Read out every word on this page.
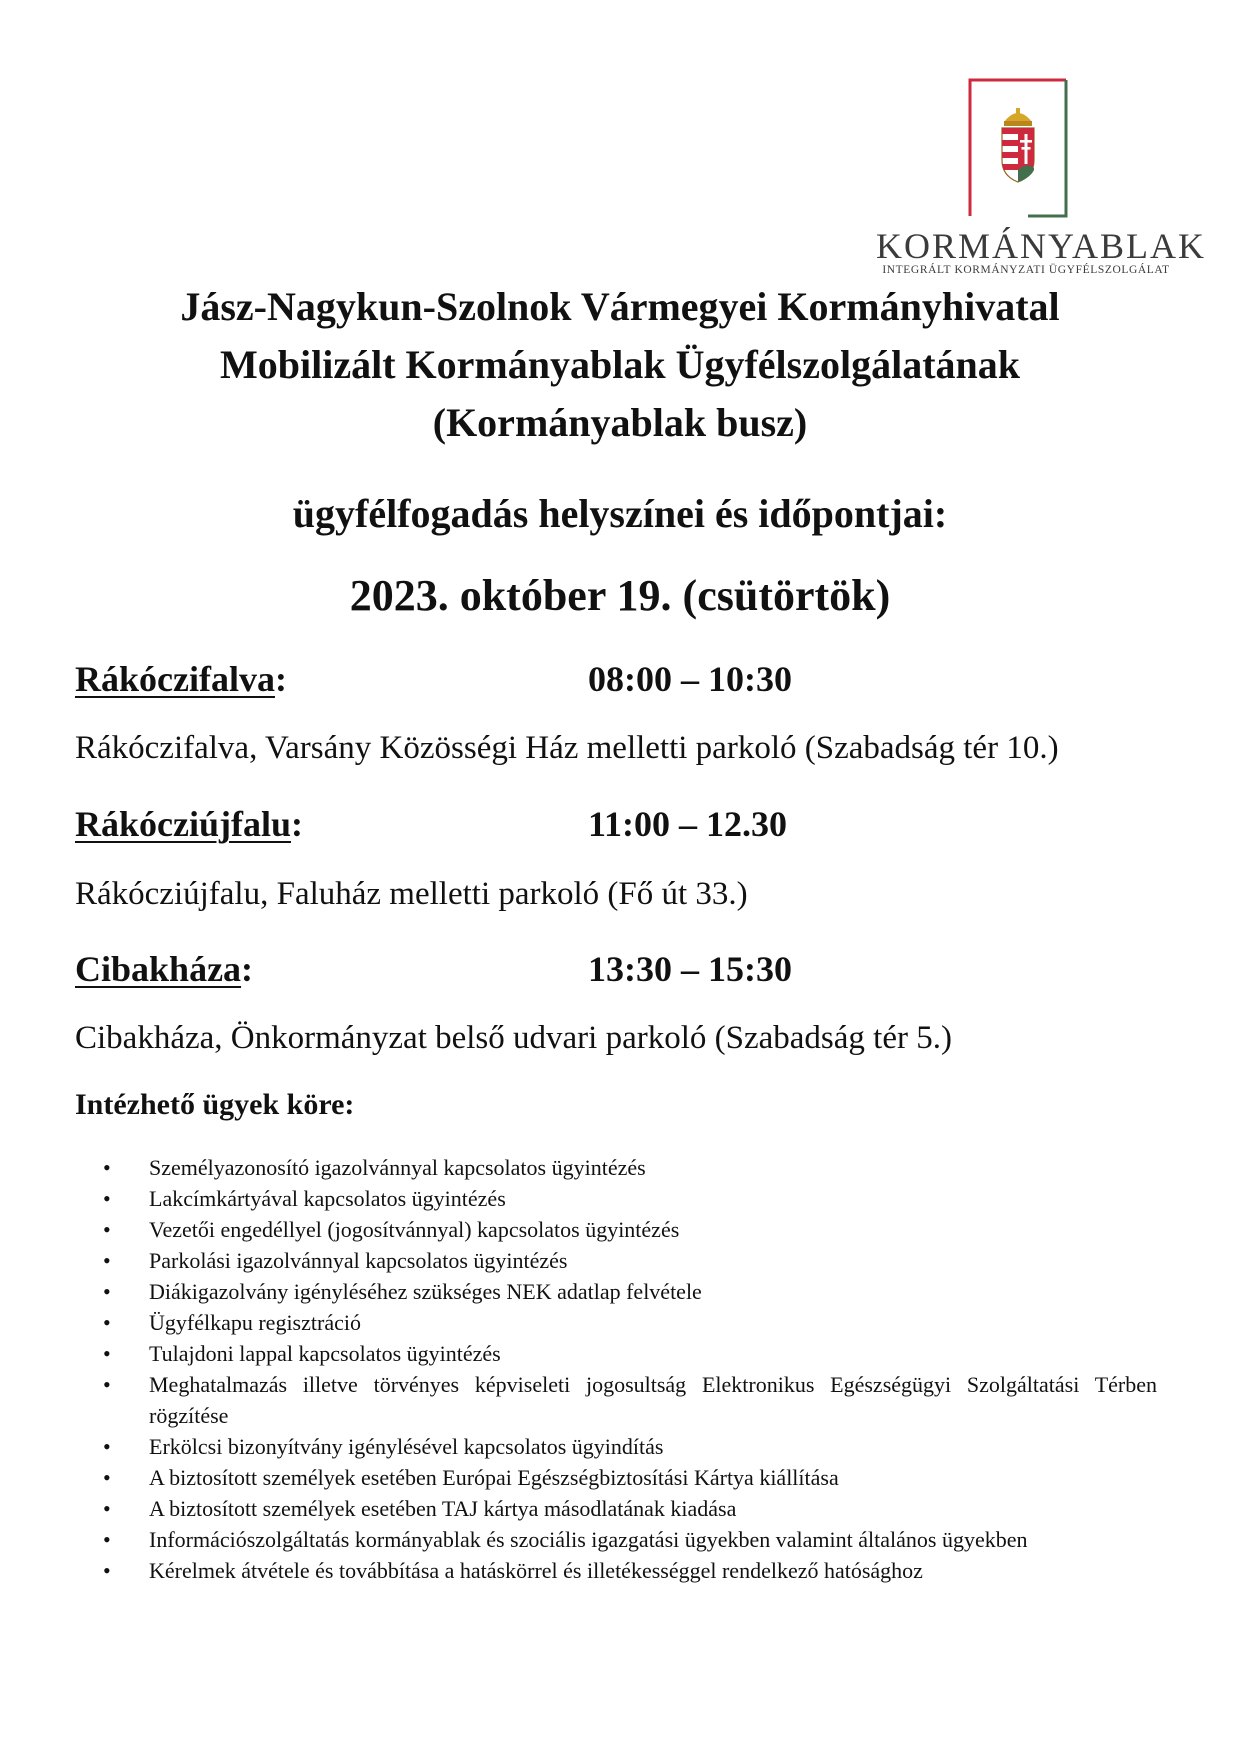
KORMÁNYABLAK
INTEGRÁLT KORMÁNYZATI ÜGYFÉLSZOLGÁLAT
Jász-Nagykun-Szolnok Vármegyei Kormányhivatal
Mobilizált Kormányablak Ügyfélszolgálatának
(Kormányablak busz)
ügyfélfogadás helyszínei és időpontjai:
2023. október 19. (csütörtök)
Rákóczifalva:	08:00 – 10:30
Rákóczifalva, Varsány Közösségi Ház melletti parkoló (Szabadság tér 10.)
Rákócziújfalu:	11:00 – 12.30
Rákócziújfalu, Faluház melletti parkoló (Fő út 33.)
Cibakháza:	13:30 – 15:30
Cibakháza, Önkormányzat belső udvari parkoló (Szabadság tér 5.)
Intézhető ügyek köre:
• Személyazonosító igazolvánnyal kapcsolatos ügyintézés
• Lakcímkártyával kapcsolatos ügyintézés
• Vezetői engedéllyel (jogosítvánnyal) kapcsolatos ügyintézés
• Parkolási igazolvánnyal kapcsolatos ügyintézés
• Diákigazolvány igényléséhez szükséges NEK adatlap felvétele
• Ügyfélkapu regisztráció
• Tulajdoni lappal kapcsolatos ügyintézés
• Meghatalmazás illetve törvényes képviseleti jogosultság Elektronikus Egészségügyi Szolgáltatási Térben rögzítése
• Erkölcsi bizonyítvány igénylésével kapcsolatos ügyindítás
• A biztosított személyek esetében Európai Egészségbiztosítási Kártya kiállítása
• A biztosított személyek esetében TAJ kártya másodlatának kiadása
• Információszolgáltatás kormányablak és szociális igazgatási ügyekben valamint általános ügyekben
• Kérelmek átvétele és továbbítása a hatáskörrel és illetékességgel rendelkező hatósághoz
